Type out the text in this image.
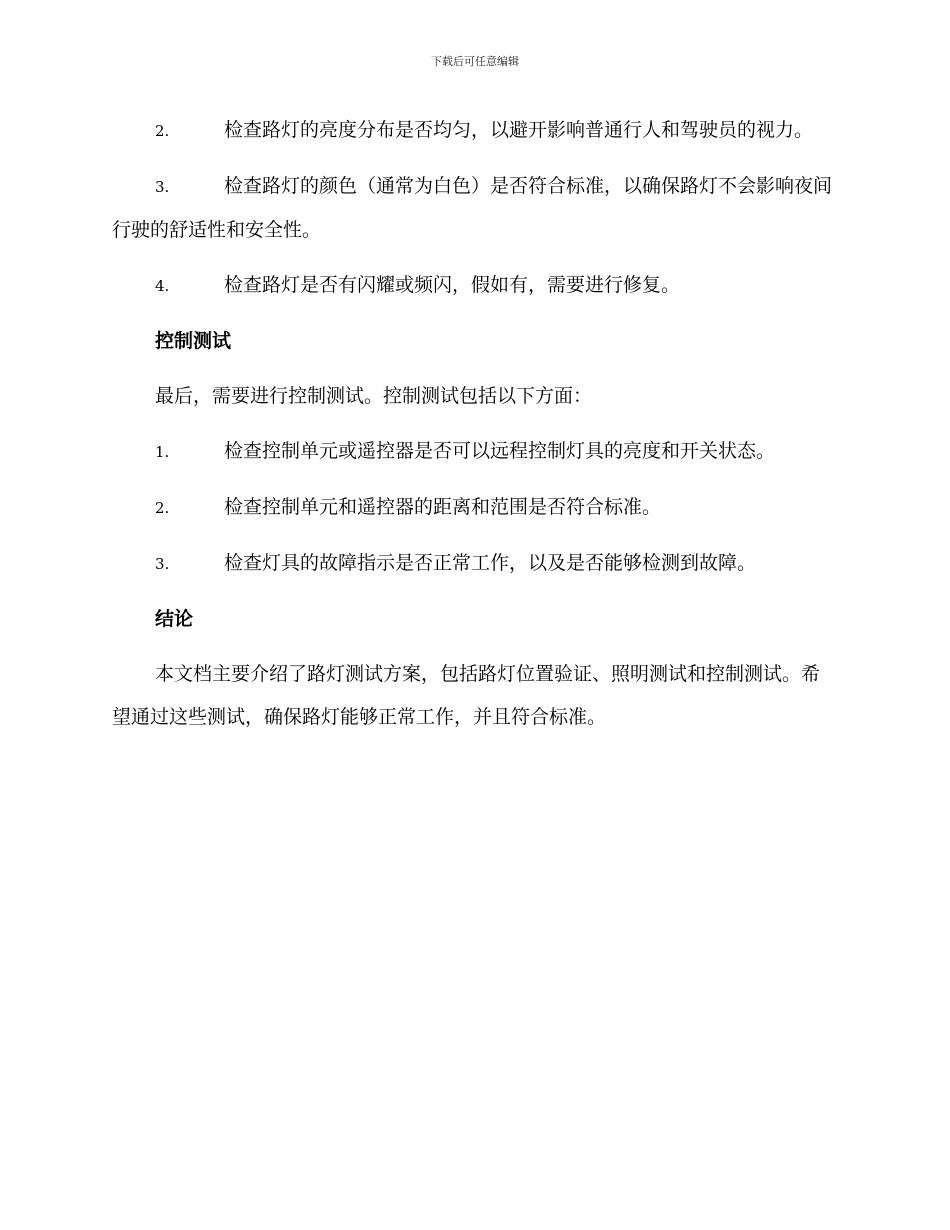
下载后可任意编辑
2.	检查路灯的亮度分布是否均匀，以避开影响普通行人和驾驶员的视力。
3.	检查路灯的颜色（通常为白色）是否符合标准，以确保路灯不会影响夜间行驶的舒适性和安全性。
4.	检查路灯是否有闪耀或频闪，假如有，需要进行修复。
控制测试

最后，需要进行控制测试。控制测试包括以下方面：

1.	检查控制单元或遥控器是否可以远程控制灯具的亮度和开关状态。
2.	检查控制单元和遥控器的距离和范围是否符合标准。
3.	检查灯具的故障指示是否正常工作，以及是否能够检测到故障。
结论

本文档主要介绍了路灯测试方案，包括路灯位置验证、照明测试和控制测试。希望通过这些测试，确保路灯能够正常工作，并且符合标准。
